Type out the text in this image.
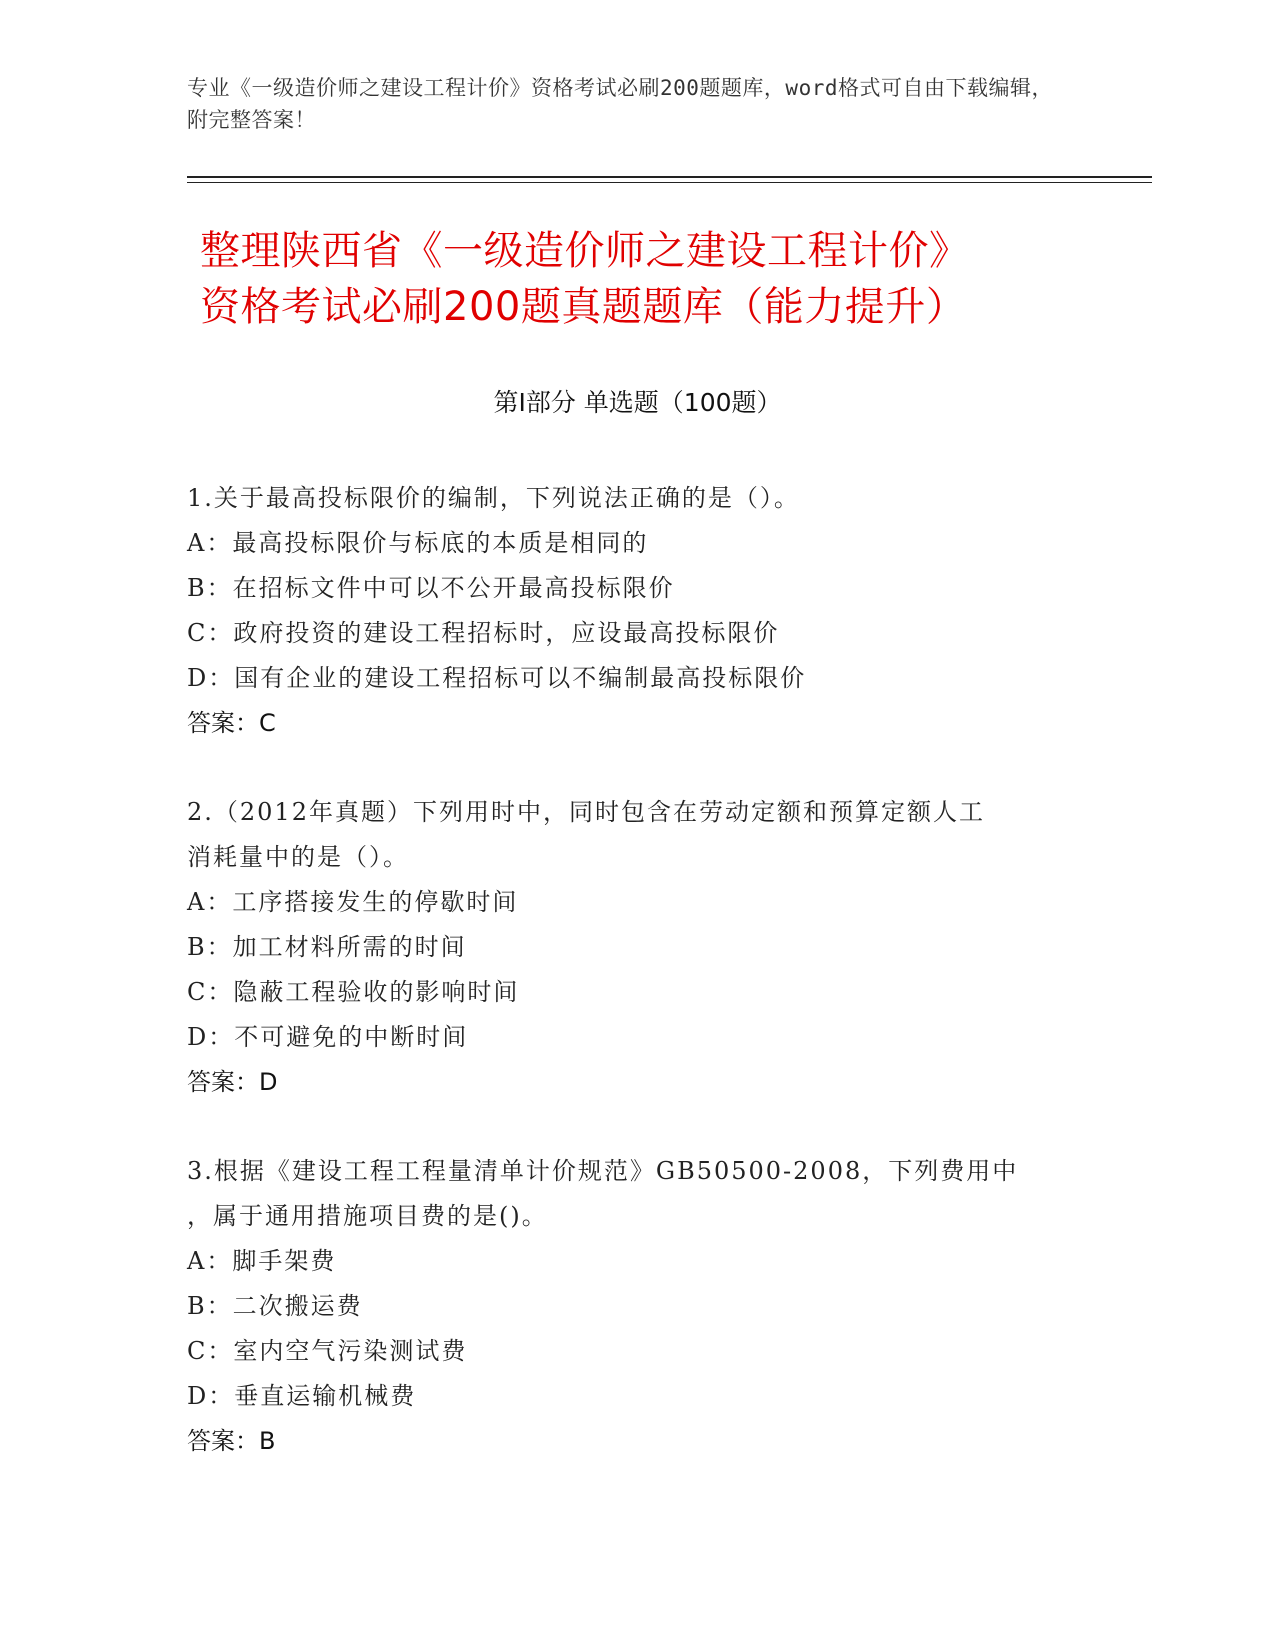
专业《一级造价师之建设工程计价》资格考试必刷200题题库，word格式可自由下载编辑，附完整答案！
整理陕西省《一级造价师之建设工程计价》
资格考试必刷200题真题题库（能力提升）
第Ⅰ部分 单选题（100题）

1.关于最高投标限价的编制，下列说法正确的是（）。

A：最高投标限价与标底的本质是相同的

B：在招标文件中可以不公开最高投标限价

C：政府投资的建设工程招标时，应设最高投标限价

D：国有企业的建设工程招标可以不编制最高投标限价

答案：C

2.（2012年真题）下列用时中，同时包含在劳动定额和预算定额人工

消耗量中的是（）。

A：工序搭接发生的停歇时间

B：加工材料所需的时间

C：隐蔽工程验收的影响时间

D：不可避免的中断时间

答案：D

3.根据《建设工程工程量清单计价规范》GB50500-2008，下列费用中

，属于通用措施项目费的是()。

A：脚手架费

B：二次搬运费

C：室内空气污染测试费

D：垂直运输机械费

答案：B
